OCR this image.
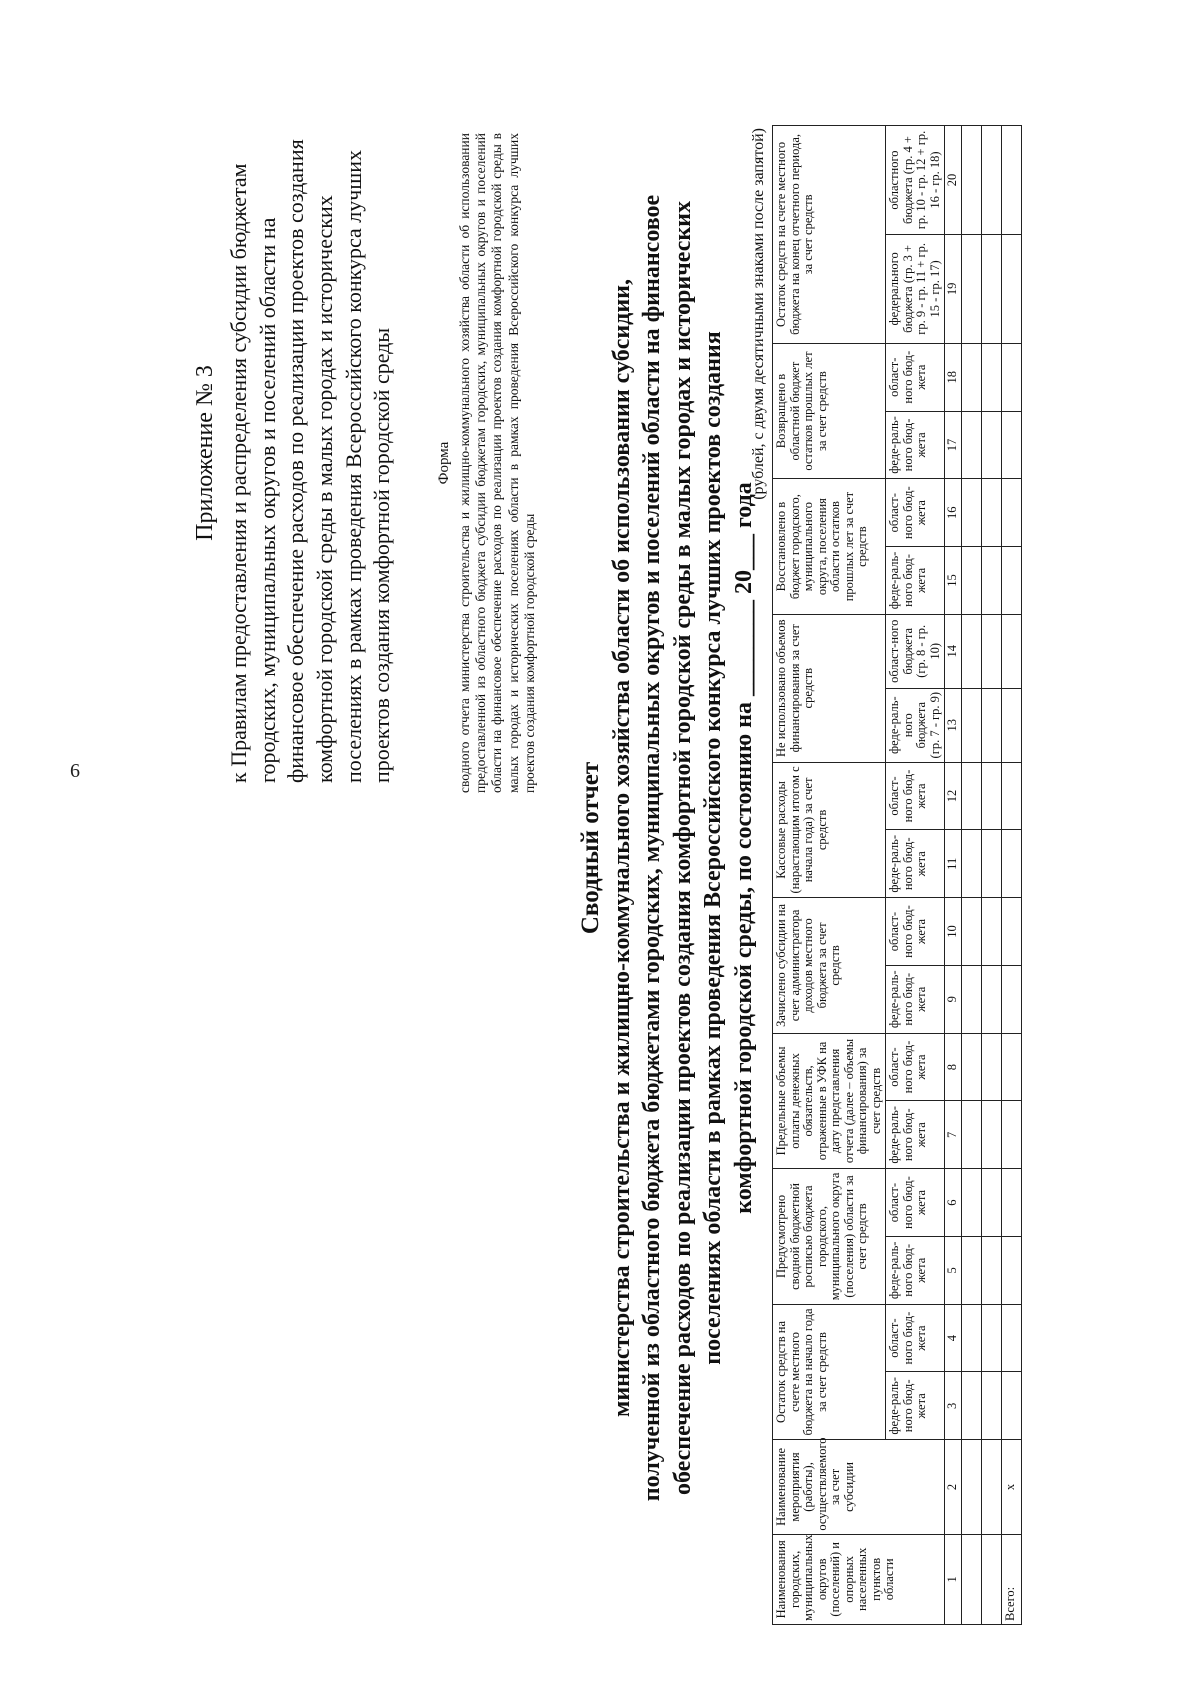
6
Приложение № 3 к Правилам предоставления и распределения субсидии бюджетам городских, муниципальных округов и поселений области на финансовое обеспечение расходов по реализации проектов создания комфортной городской среды в малых городах и исторических поселениях в рамках проведения Всероссийского конкурса лучших проектов создания комфортной городской среды	Форма сводного отчета министерства строительства и жилищно-коммунального хозяйства области об использовании предоставленной из областного бюджета субсидии бюджетам городских, муниципальных округов и поселений области на финансовое обеспечение расходов по реализации проектов создания комфортной городской среды в малых городах и исторических поселениях области в рамках проведения Всероссийского конкурса лучших проектов создания комфортной городской среды
Сводный отчет министерства строительства и жилищно-коммунального хозяйства области об использовании субсидии, полученной из областного бюджета бюджетами городских, муниципальных округов и поселений области на финансовое обеспечение расходов по реализации проектов создания комфортной городской среды в малых городах и исторических поселениях области в рамках проведения Всероссийского конкурса лучших проектов создания комфортной городской среды, по состоянию на ________ 20___ года
(рублей, с двумя десятичными знаками после запятой)
Наименования городских, муниципальных округов (поселений) и опорных населенных пунктов области	Наименование мероприятия (работы), осуществляемого за счет субсидии	Остаток средств на счете местного бюджета на начало года за счет средств		Предусмотрено сводной бюджетной росписью бюджета городского, муниципального округа (поселения) области за счет средств		Предельные объемы оплаты денежных обязательств, отраженные в УФК на дату представления отчета (далее – объемы финансирования) за счет средств		Зачислено субсидии на счет администратора доходов местного бюджета за счет средств		Кассовые расходы (нарастающим итогом с начала года) за счет средств		Не использовано объемов финансирования за счет средств		Восстановлено в бюджет городского, муниципального округа, поселения области остатков прошлых лет за счет средств		Возвращено в областной бюджет остатков прошлых лет за счет средств		Остаток средств на счете местного бюджета на конец отчетного периода, за счет средств	
		феде-раль-ного бюд-жета	област-ного бюд-жета	феде-раль-ного бюд-жета	област-ного бюд-жета	феде-раль-ного бюд-жета	област-ного бюд-жета	феде-раль-ного бюд-жета	област-ного бюд-жета	феде-раль-ного бюд-жета	област-ного бюд-жета	феде-раль-ного бюджета (гр. 7 - гр. 9)	област-ного бюджета (гр. 8 - гр. 10)	феде-раль-ного бюд-жета	област-ного бюд-жета	феде-раль-ного бюд-жета	област-ного бюд-жета	федерального бюджета (гр. 3 + гр. 9 - гр. 11 + гр. 15 - гр. 17)	областного бюджета (гр. 4 + гр. 10 - гр. 12 + гр. 16 - гр. 18)
1	2	3	4	5	6	7	8	9	10	11	12	13	14	15	16	17	18	19	20

Всего:	x																		
